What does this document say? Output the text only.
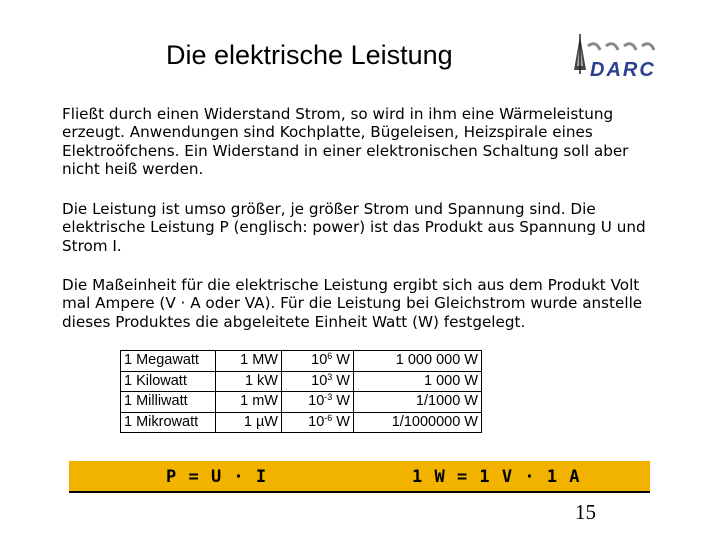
Die elektrische Leistung	DARC
Fließt durch einen Widerstand Strom, so wird in ihm eine Wärmeleistung erzeugt. Anwendungen sind Kochplatte, Bügeleisen, Heizspirale eines Elektroöfchens. Ein Widerstand in einer elektronischen Schaltung soll aber nicht heiß werden.
Die Leistung ist umso größer, je größer Strom und Spannung sind. Die elektrische Leistung P (englisch: power) ist das Produkt aus Spannung U und Strom I.
Die Maßeinheit für die elektrische Leistung ergibt sich aus dem Produkt Volt mal Ampere (V · A oder VA). Für die Leistung bei Gleichstrom wurde anstelle dieses Produktes die abgeleitete Einheit Watt (W) festgelegt.
1 Megawatt	1 MW	$10^6$ W	1 000 000 W
1 Kilowatt	1 kW	$10^3$ W	1 000 W
1 Milliwatt	1 mW	$10^{-3}$ W	1/1000 W
1 Mikrowatt	1 µW	$10^{-6}$ W	1/1000000 W
P = U · I	1 W = 1 V · 1 A
15
